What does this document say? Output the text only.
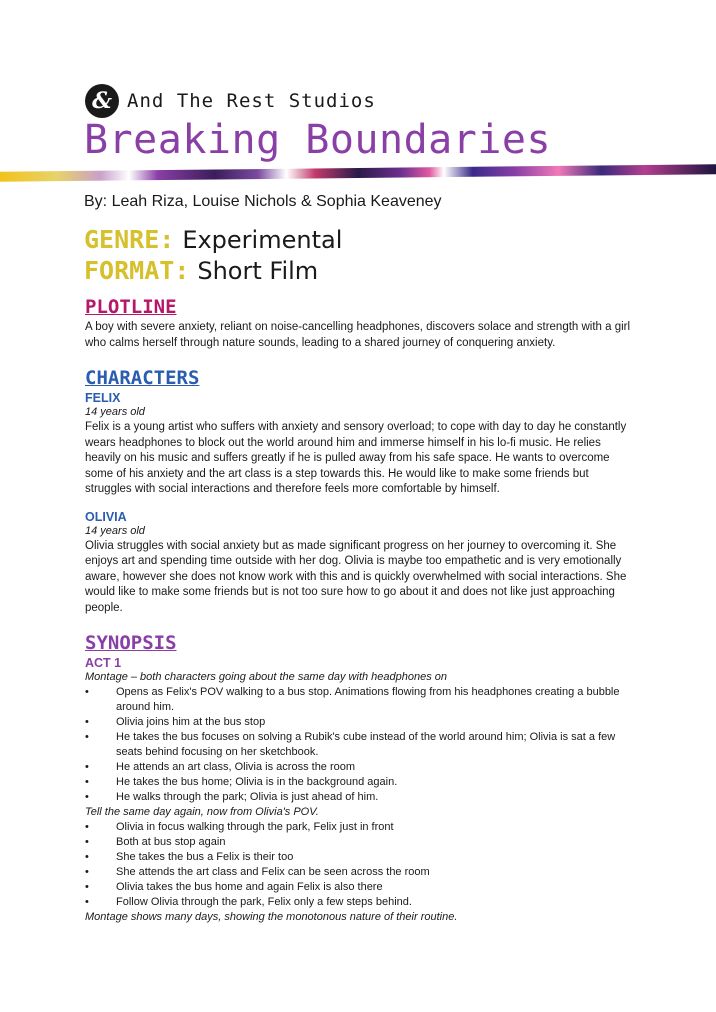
& And The Rest Studios
Breaking Boundaries
By: Leah Riza, Louise Nichols & Sophia Keaveney
GENRE: Experimental
FORMAT: Short Film
PLOTLINE

A boy with severe anxiety, reliant on noise-cancelling headphones, discovers solace and strength with a girl who calms herself through nature sounds, leading to a shared journey of conquering anxiety.

CHARACTERS
FELIX
14 years old

Felix is a young artist who suffers with anxiety and sensory overload; to cope with day to day he constantly wears headphones to block out the world around him and immerse himself in his lo-fi music. He relies heavily on his music and suffers greatly if he is pulled away from his safe space. He wants to overcome some of his anxiety and the art class is a step towards this. He would like to make some friends but struggles with social interactions and therefore feels more comfortable by himself.

OLIVIA
14 years old

Olivia struggles with social anxiety but as made significant progress on her journey to overcoming it. She enjoys art and spending time outside with her dog. Olivia is maybe too empathetic and is very emotionally aware, however she does not know work with this and is quickly overwhelmed with social interactions. She would like to make some friends but is not too sure how to go about it and does not like just approaching people.

SYNOPSIS
ACT 1

Montage – both characters going about the same day with headphones on

•	Opens as Felix's POV walking to a bus stop. Animations flowing from his headphones creating a bubble around him.
•	Olivia joins him at the bus stop
•	He takes the bus focuses on solving a Rubik's cube instead of the world around him; Olivia is sat a few seats behind focusing on her sketchbook.
•	He attends an art class, Olivia is across the room
•	He takes the bus home; Olivia is in the background again.
•	He walks through the park; Olivia is just ahead of him.

Tell the same day again, now from Olivia's POV.

•	Olivia in focus walking through the park, Felix just in front
•	Both at bus stop again
•	She takes the bus a Felix is their too
•	She attends the art class and Felix can be seen across the room
•	Olivia takes the bus home and again Felix is also there
•	Follow Olivia through the park, Felix only a few steps behind.

Montage shows many days, showing the monotonous nature of their routine.
